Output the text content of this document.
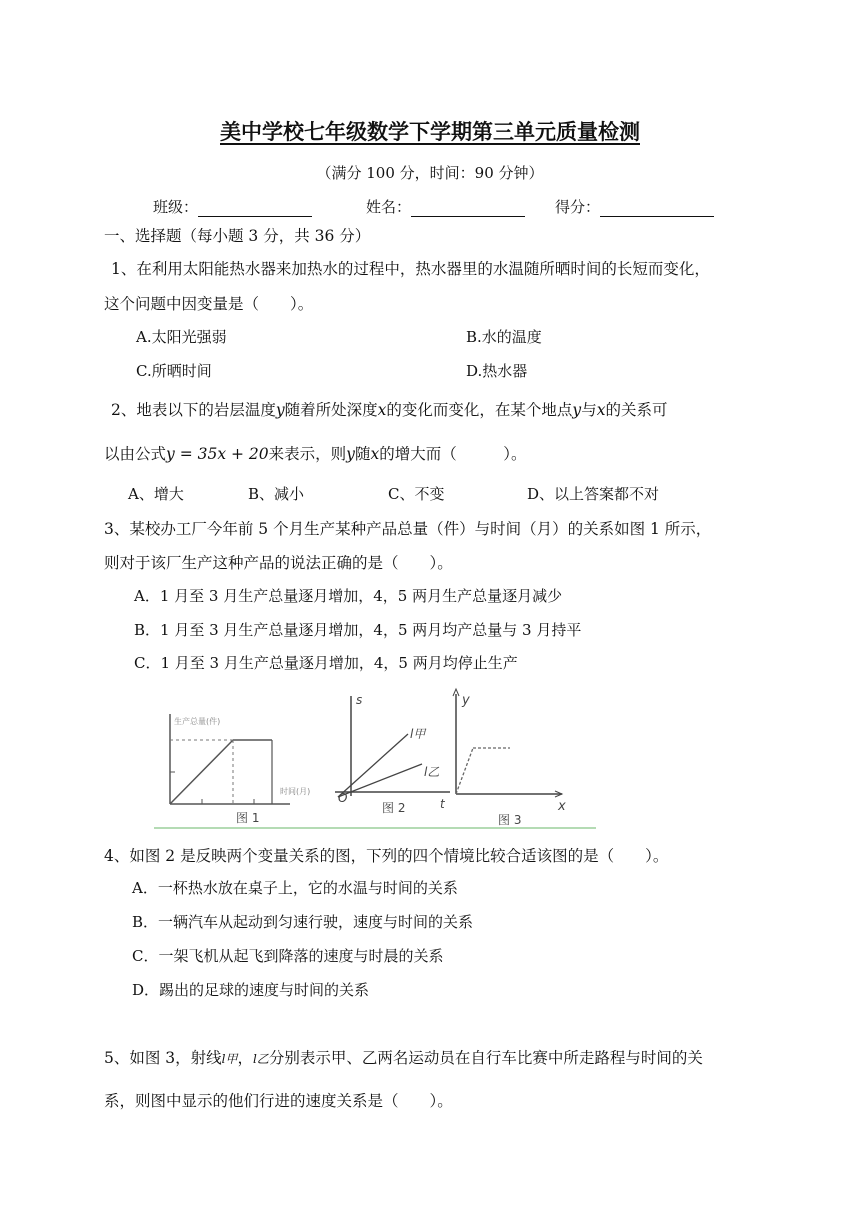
美中学校七年级数学下学期第三单元质量检测
（满分 100 分，时间：90 分钟）
班级：	姓名：	得分：
一、选择题（每小题 3 分，共 36 分）
1、在利用太阳能热水器来加热水的过程中，热水器里的水温随所晒时间的长短而变化，
这个问题中因变量是（　　）。
A.太阳光强弱	B.水的温度
C.所晒时间	D.热水器
2、地表以下的岩层温度y随着所处深度x的变化而变化，在某个地点y与x的关系可
以由公式y = 35x + 20来表示，则y随x的增大而（　　　）。
A、增大	B、减小	C、不变	D、以上答案都不对
3、某校办工厂今年前 5 个月生产某种产品总量（件）与时间（月）的关系如图 1 所示，
则对于该厂生产这种产品的说法正确的是（　　）。
A．1 月至 3 月生产总量逐月增加，4，5 两月生产总量逐月减少
B．1 月至 3 月生产总量逐月增加，4，5 两月均产总量与 3 月持平
C．1 月至 3 月生产总量逐月增加，4，5 两月均停止生产
生产总量(件)
时间(月)
图 1
s
l甲
l乙
O	t
图 2
y
x
图 3
4、如图 2 是反映两个变量关系的图，下列的四个情境比较合适该图的是（　　）。
A．一杯热水放在桌子上，它的水温与时间的关系
B．一辆汽车从起动到匀速行驶，速度与时间的关系
C．一架飞机从起飞到降落的速度与时晨的关系
D．踢出的足球的速度与时间的关系
5、如图 3，射线l甲，l乙分别表示甲、乙两名运动员在自行车比赛中所走路程与时间的关
系，则图中显示的他们行进的速度关系是（　　）。
